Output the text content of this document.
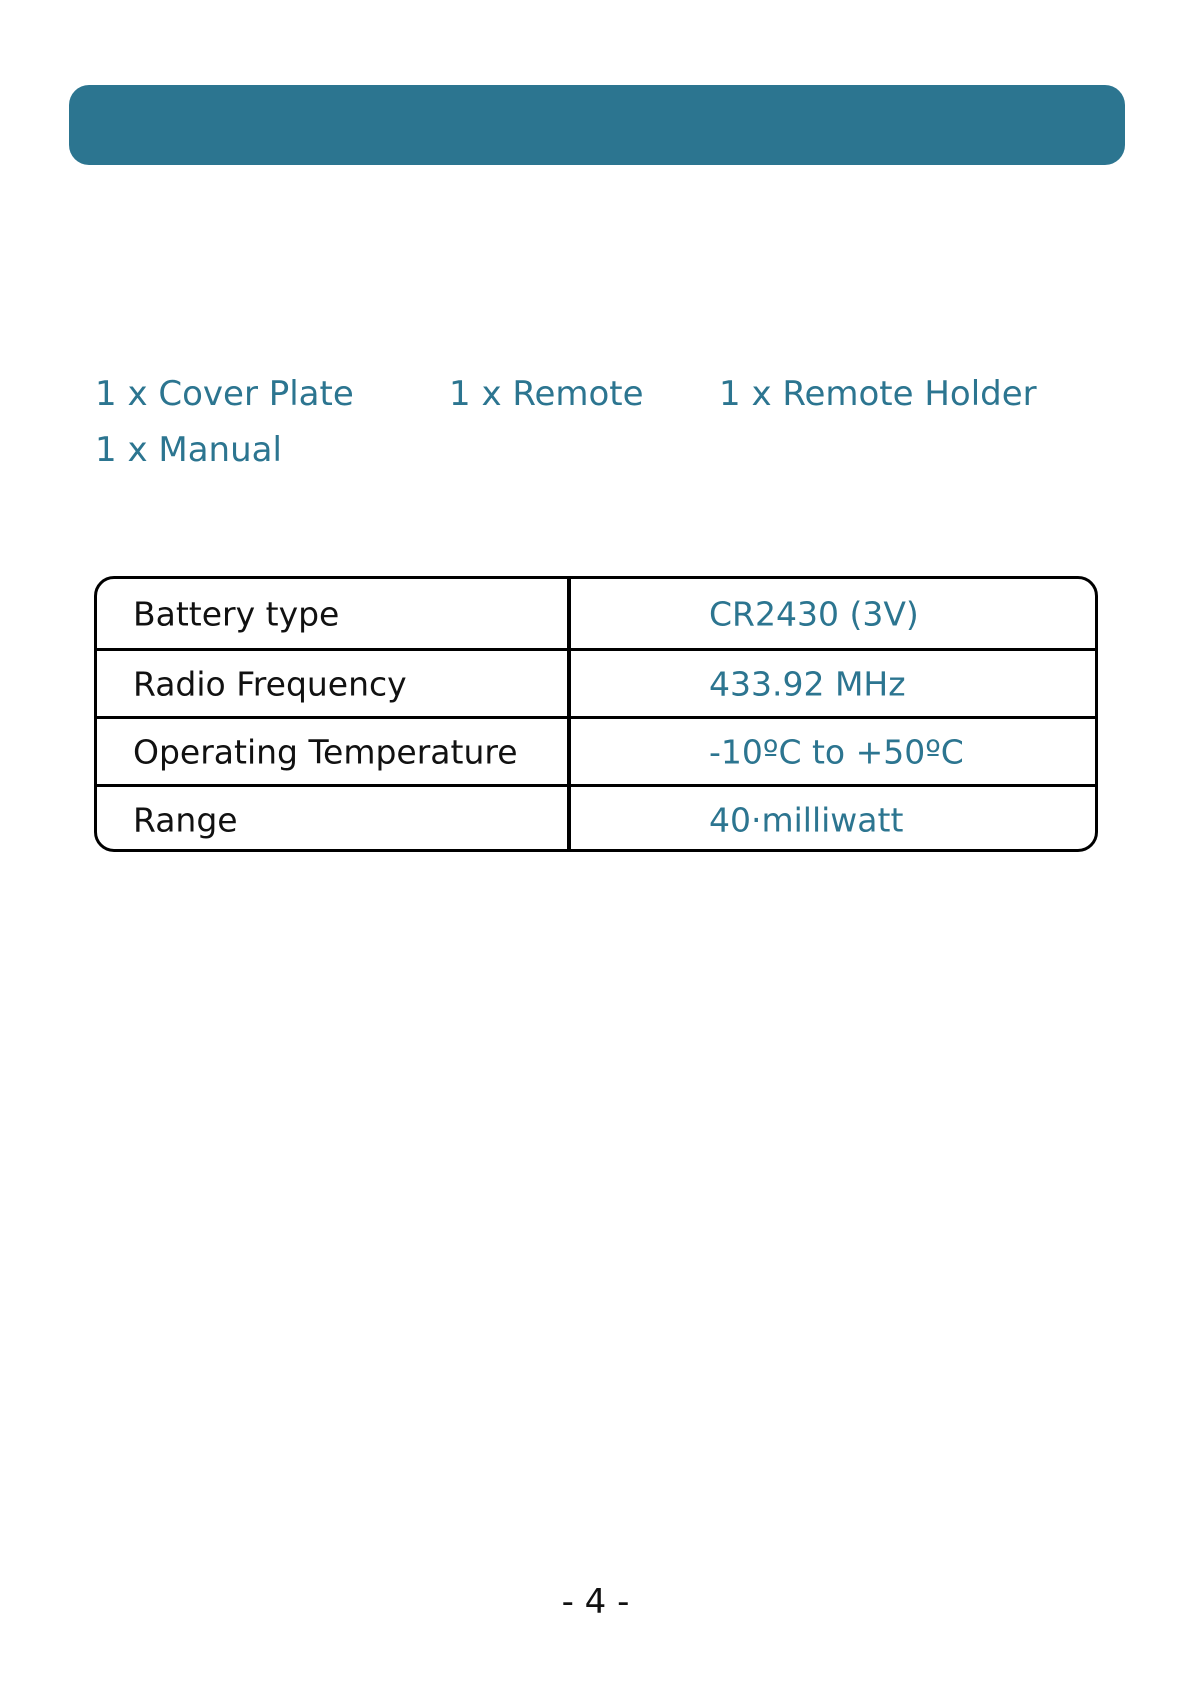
1 x Cover Plate	1 x Remote 1 x Remote Holder
1 x Manual
Battery type	CR2430 (3V)
Radio Frequency	433.92 MHz
Operating Temperature	-10ºC to +50ºC
Range	40·milliwatt
- 4 -
